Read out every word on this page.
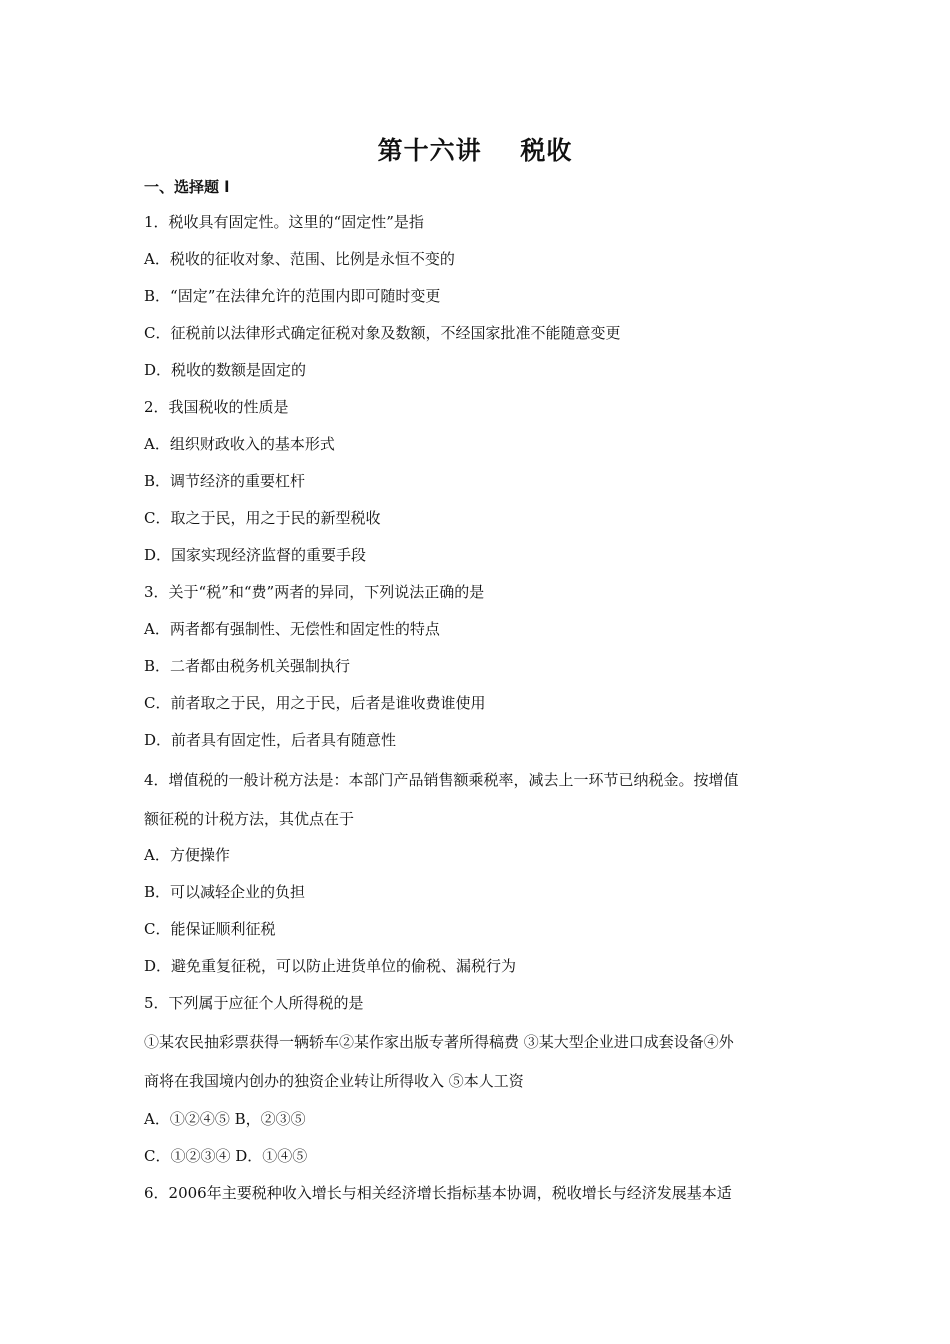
第十六讲    税收
一、选择题 l
1．税收具有固定性。这里的“固定性”是指
A．税收的征收对象、范围、比例是永恒不变的
B．“固定”在法律允许的范围内即可随时变更
C．征税前以法律形式确定征税对象及数额，不经国家批准不能随意变更
D．税收的数额是固定的
2．我国税收的性质是
A．组织财政收入的基本形式
B．调节经济的重要杠杆
C．取之于民，用之于民的新型税收
D．国家实现经济监督的重要手段
3．关于“税”和“费”两者的异同，下列说法正确的是
A．两者都有强制性、无偿性和固定性的特点
B．二者都由税务机关强制执行
C．前者取之于民，用之于民，后者是谁收费谁使用
D．前者具有固定性，后者具有随意性
4．增值税的一般计税方法是：本部门产品销售额乘税率，减去上一环节已纳税金。按增值
额征税的计税方法，其优点在于
A．方便操作
B．可以减轻企业的负担
C．能保证顺利征税
D．避免重复征税，可以防止进货单位的偷税、漏税行为
5．下列属于应征个人所得税的是
①某农民抽彩票获得一辆轿车②某作家出版专著所得稿费 ③某大型企业进口成套设备④外
商将在我国境内创办的独资企业转让所得收入 ⑤本人工资
A．①②④⑤ B，②③⑤
C．①②③④ D．①④⑤
6．2006年主要税种收入增长与相关经济增长指标基本协调，税收增长与经济发展基本适
